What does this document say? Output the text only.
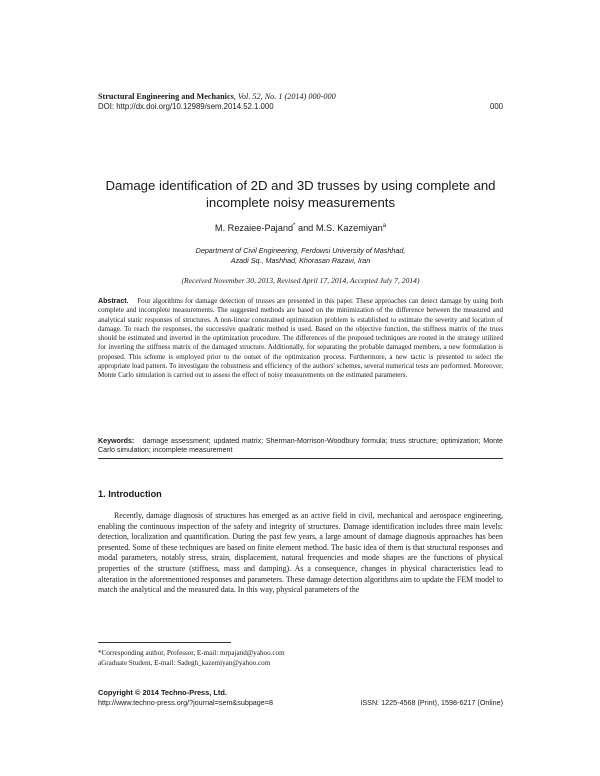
Structural Engineering and Mechanics, Vol. 52, No. 1 (2014) 000-000
DOI: http://dx.doi.org/10.12989/sem.2014.52.1.000	000
Damage identification of 2D and 3D trusses by using complete and incomplete noisy measurements
M. Rezaiee-Pajand* and M.S. Kazemiyan$^a$
Department of Civil Engineering, Ferdowsi University of Mashhad,
Azadi Sq., Mashhad, Khorasan Razavi, Iran
(Received November 30, 2013, Revised April 17, 2014, Accepted July 7, 2014)
Abstract. Four algorithms for damage detection of trusses are presented in this paper. These approaches can detect damage by using both complete and incomplete measurements. The suggested methods are based on the minimization of the difference between the measured and analytical static responses of structures. A non-linear constrained optimization problem is established to estimate the severity and location of damage. To reach the responses, the successive quadratic method is used. Based on the objective function, the stiffness matrix of the truss should be estimated and inverted in the optimization procedure. The differences of the proposed techniques are rooted in the strategy utilized for inverting the stiffness matrix of the damaged structure. Additionally, for separating the probable damaged members, a new formulation is proposed. This scheme is employed prior to the outset of the optimization process. Furthermore, a new tactic is presented to select the appropriate load pattern. To investigate the robustness and efficiency of the authors' schemes, several numerical tests are performed. Moreover, Monte Carlo simulation is carried out to assess the effect of noisy measurements on the estimated parameters.
Keywords: damage assessment; updated matrix; Sherman-Morrison-Woodbury formula; truss structure; optimization; Monte Carlo simulation; incomplete measurement
1. Introduction
Recently, damage diagnosis of structures has emerged as an active field in civil, mechanical and aerospace engineering, enabling the continuous inspection of the safety and integrity of structures. Damage identification includes three main levels: detection, localization and quantification. During the past few years, a large amount of damage diagnosis approaches has been presented. Some of these techniques are based on finite element method. The basic idea of them is that structural responses and modal parameters, notably stress, strain, displacement, natural frequencies and mode shapes are the functions of physical properties of the structure (stiffness, mass and damping). As a consequence, changes in physical characteristics lead to alteration in the aforementioned responses and parameters. These damage detection algorithms aim to update the FEM model to match the analytical and the measured data. In this way, physical parameters of the
*Corresponding author, Professor, E-mail: mrpajand@yahoo.com
aGraduate Student, E-mail: Sadegh_kazemiyan@yahoo.com
Copyright © 2014 Techno-Press, Ltd.
http://www.techno-press.org/?journal=sem&subpage=8	ISSN: 1225-4568 (Print), 1598-6217 (Online)
